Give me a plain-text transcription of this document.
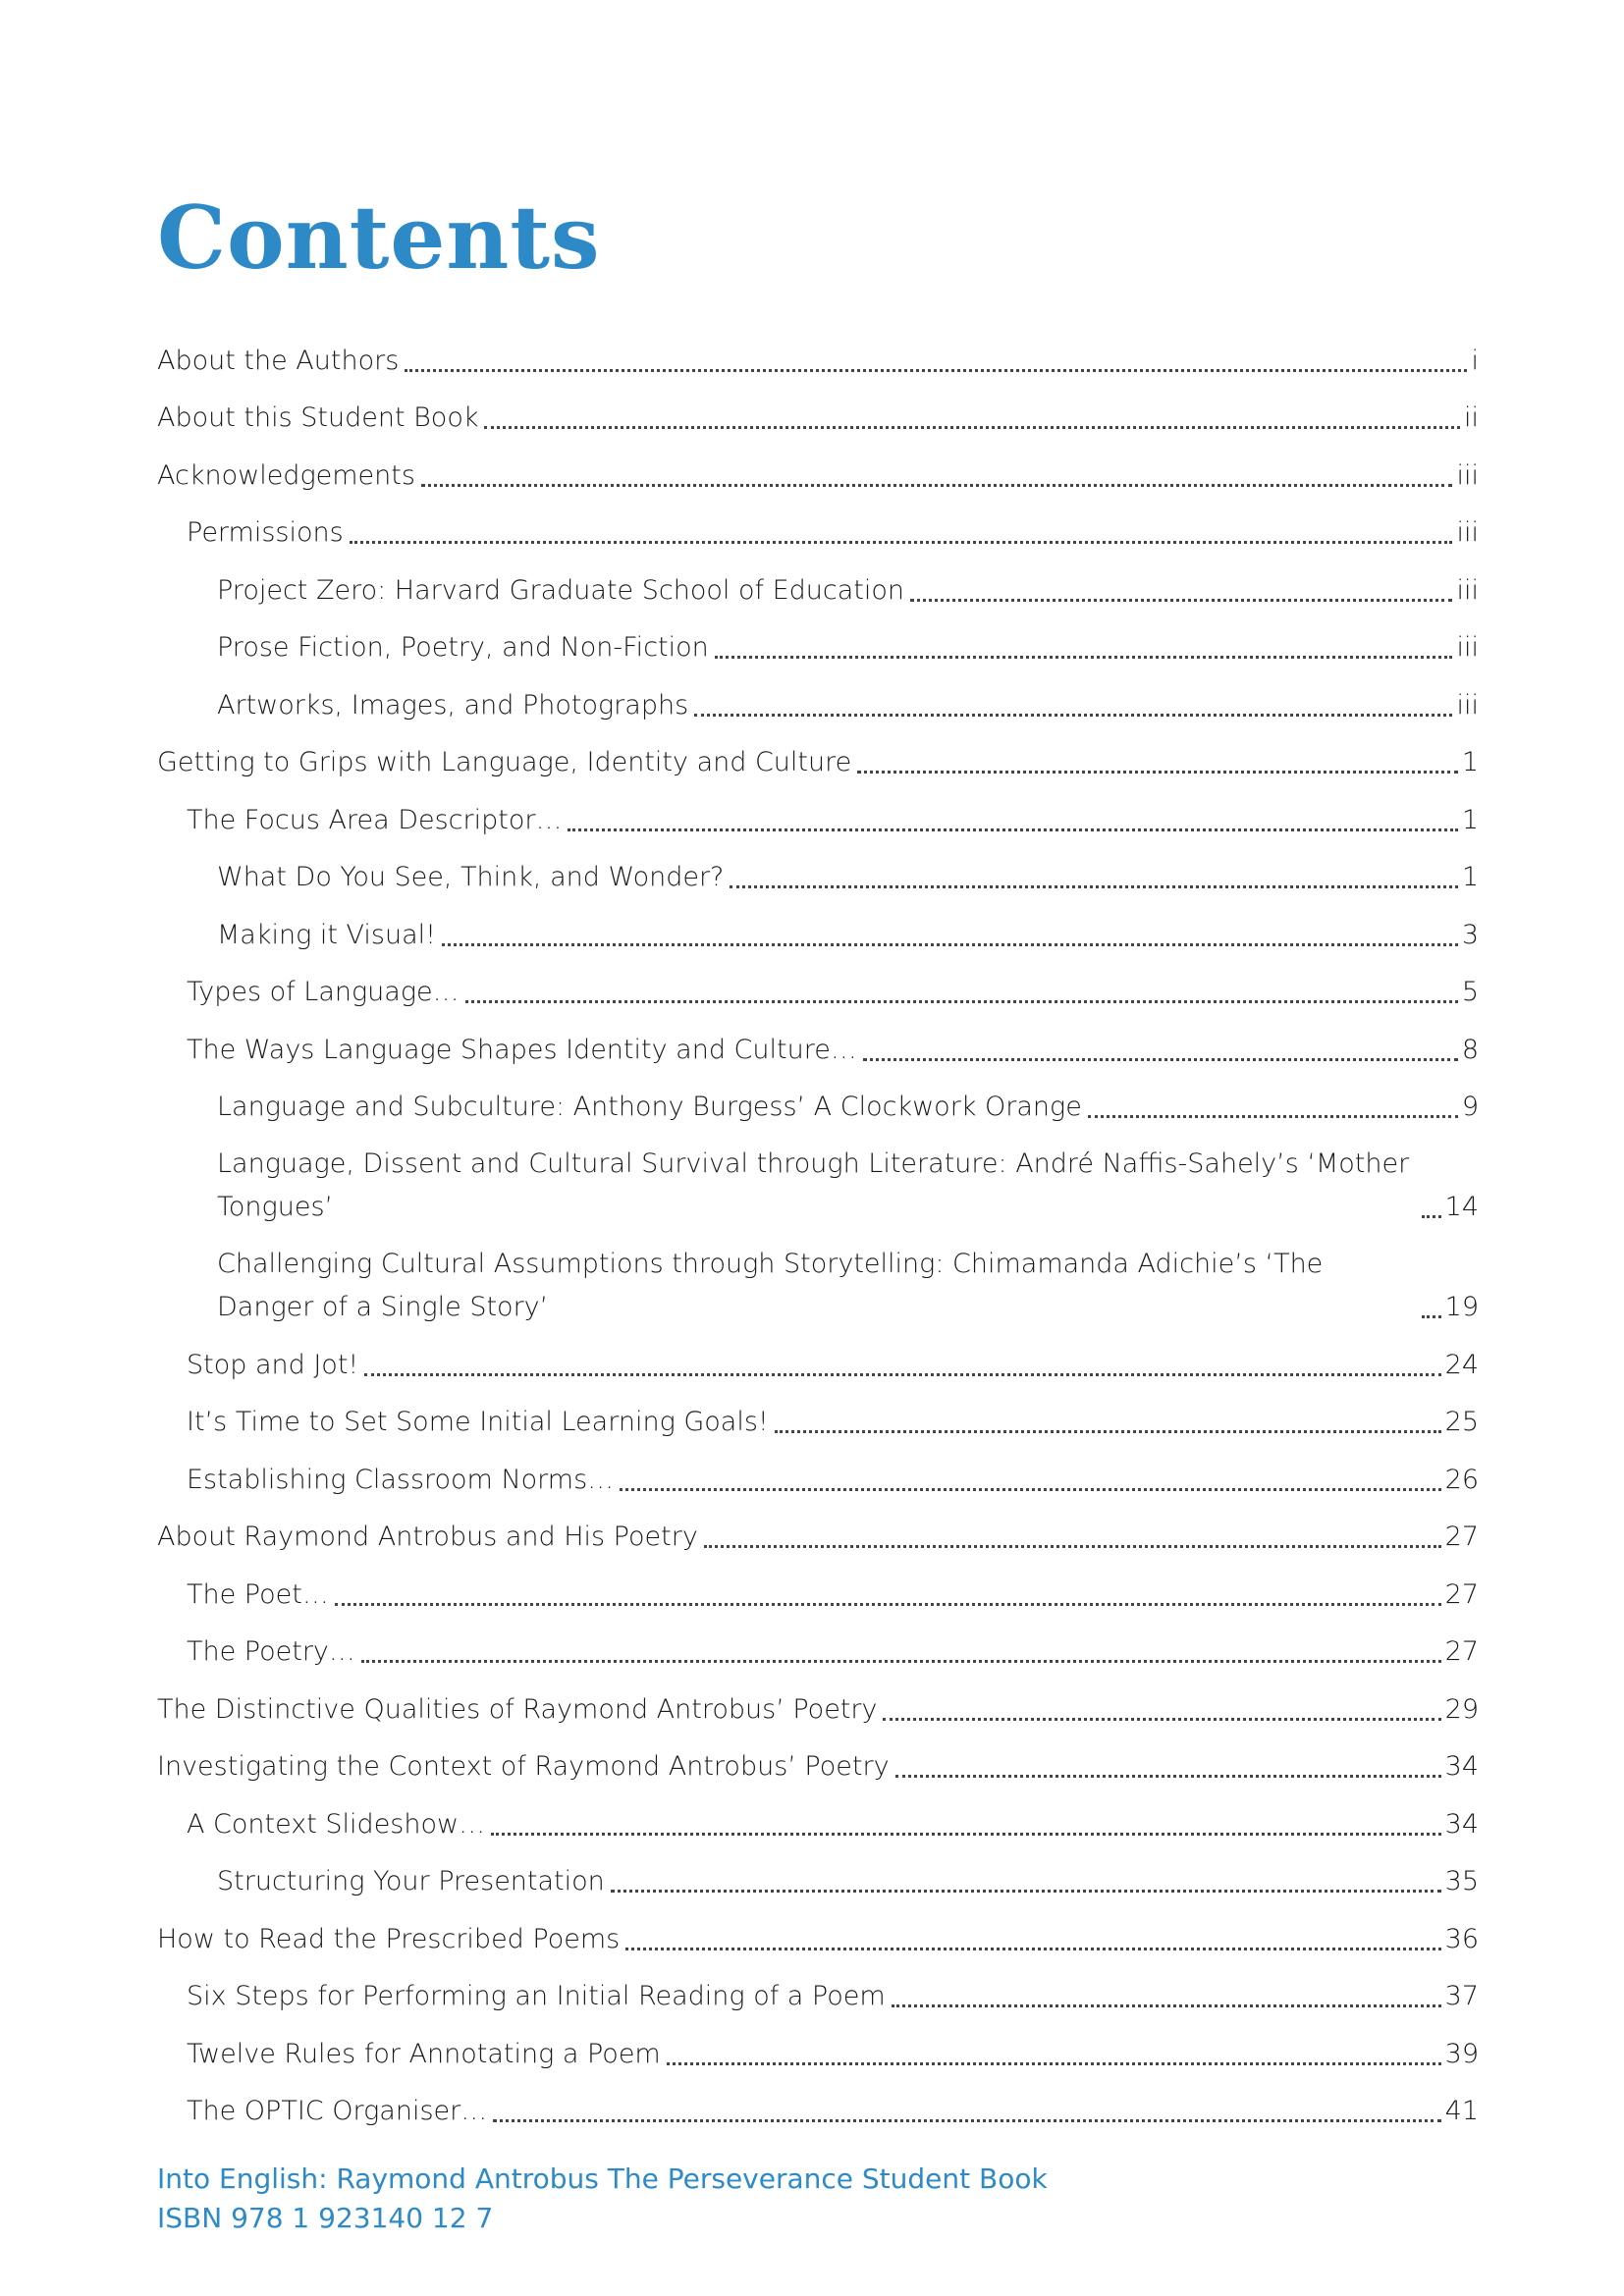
Contents
About the Authors	i
About this Student Book	ii
Acknowledgements	iii
Permissions	iii
Project Zero: Harvard Graduate School of Education	iii
Prose Fiction, Poetry, and Non-Fiction	iii
Artworks, Images, and Photographs	iii
Getting to Grips with Language, Identity and Culture	1
The Focus Area Descriptor…	1
What Do You See, Think, and Wonder?	1
Making it Visual!	3
Types of Language…	5
The Ways Language Shapes Identity and Culture…	8
Language and Subculture: Anthony Burgess’ A Clockwork Orange	9
Language, Dissent and Cultural Survival through Literature: André Naffis-Sahely’s ‘Mother Tongues’	14
Challenging Cultural Assumptions through Storytelling: Chimamanda Adichie’s ‘The Danger of a Single Story’	19
Stop and Jot!	24
It’s Time to Set Some Initial Learning Goals!	25
Establishing Classroom Norms…	26
About Raymond Antrobus and His Poetry	27
The Poet…	27
The Poetry…	27
The Distinctive Qualities of Raymond Antrobus’ Poetry	29
Investigating the Context of Raymond Antrobus’ Poetry	34
A Context Slideshow…	34
Structuring Your Presentation	35
How to Read the Prescribed Poems	36
Six Steps for Performing an Initial Reading of a Poem	37
Twelve Rules for Annotating a Poem	39
The OPTIC Organiser…	41
Into English: Raymond Antrobus The Perseverance Student Book
ISBN 978 1 923140 12 7
